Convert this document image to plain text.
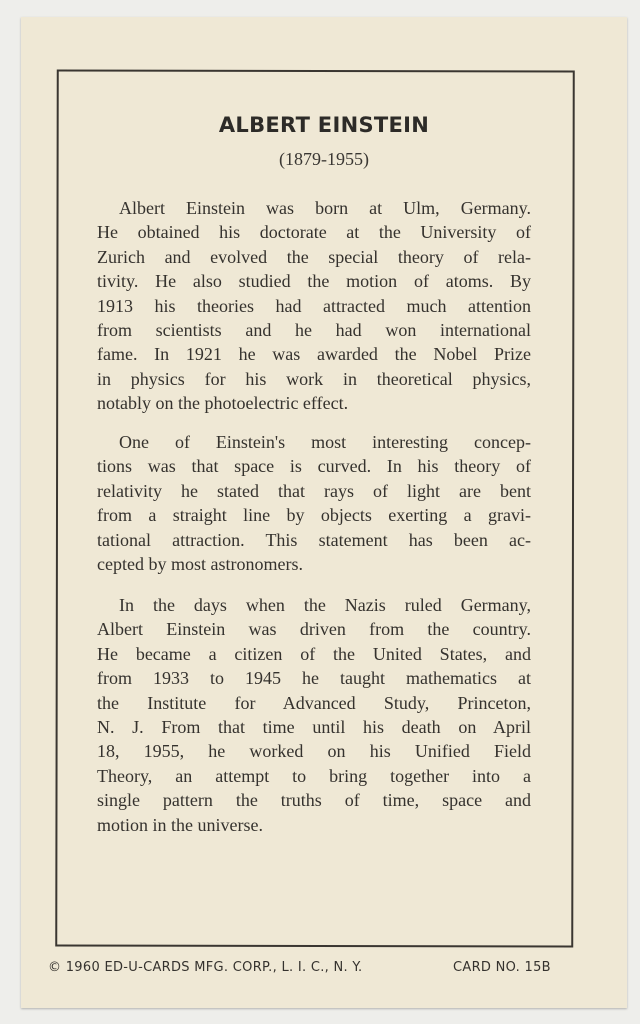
ALBERT EINSTEIN
(1879-1955)
Albert Einstein was born at Ulm, Germany.
He obtained his doctorate at the University of
Zurich and evolved the special theory of rela-
tivity. He also studied the motion of atoms. By
1913 his theories had attracted much attention
from scientists and he had won international
fame. In 1921 he was awarded the Nobel Prize
in physics for his work in theoretical physics,
notably on the photoelectric effect.
One of Einstein's most interesting concep-
tions was that space is curved. In his theory of
relativity he stated that rays of light are bent
from a straight line by objects exerting a gravi-
tational attraction. This statement has been ac-
cepted by most astronomers.
In the days when the Nazis ruled Germany,
Albert Einstein was driven from the country.
He became a citizen of the United States, and
from 1933 to 1945 he taught mathematics at
the Institute for Advanced Study, Princeton,
N. J. From that time until his death on April
18, 1955, he worked on his Unified Field
Theory, an attempt to bring together into a
single pattern the truths of time, space and
motion in the universe.
© 1960 ED-U-CARDS MFG. CORP., L. I. C., N. Y.	CARD NO. 15B
